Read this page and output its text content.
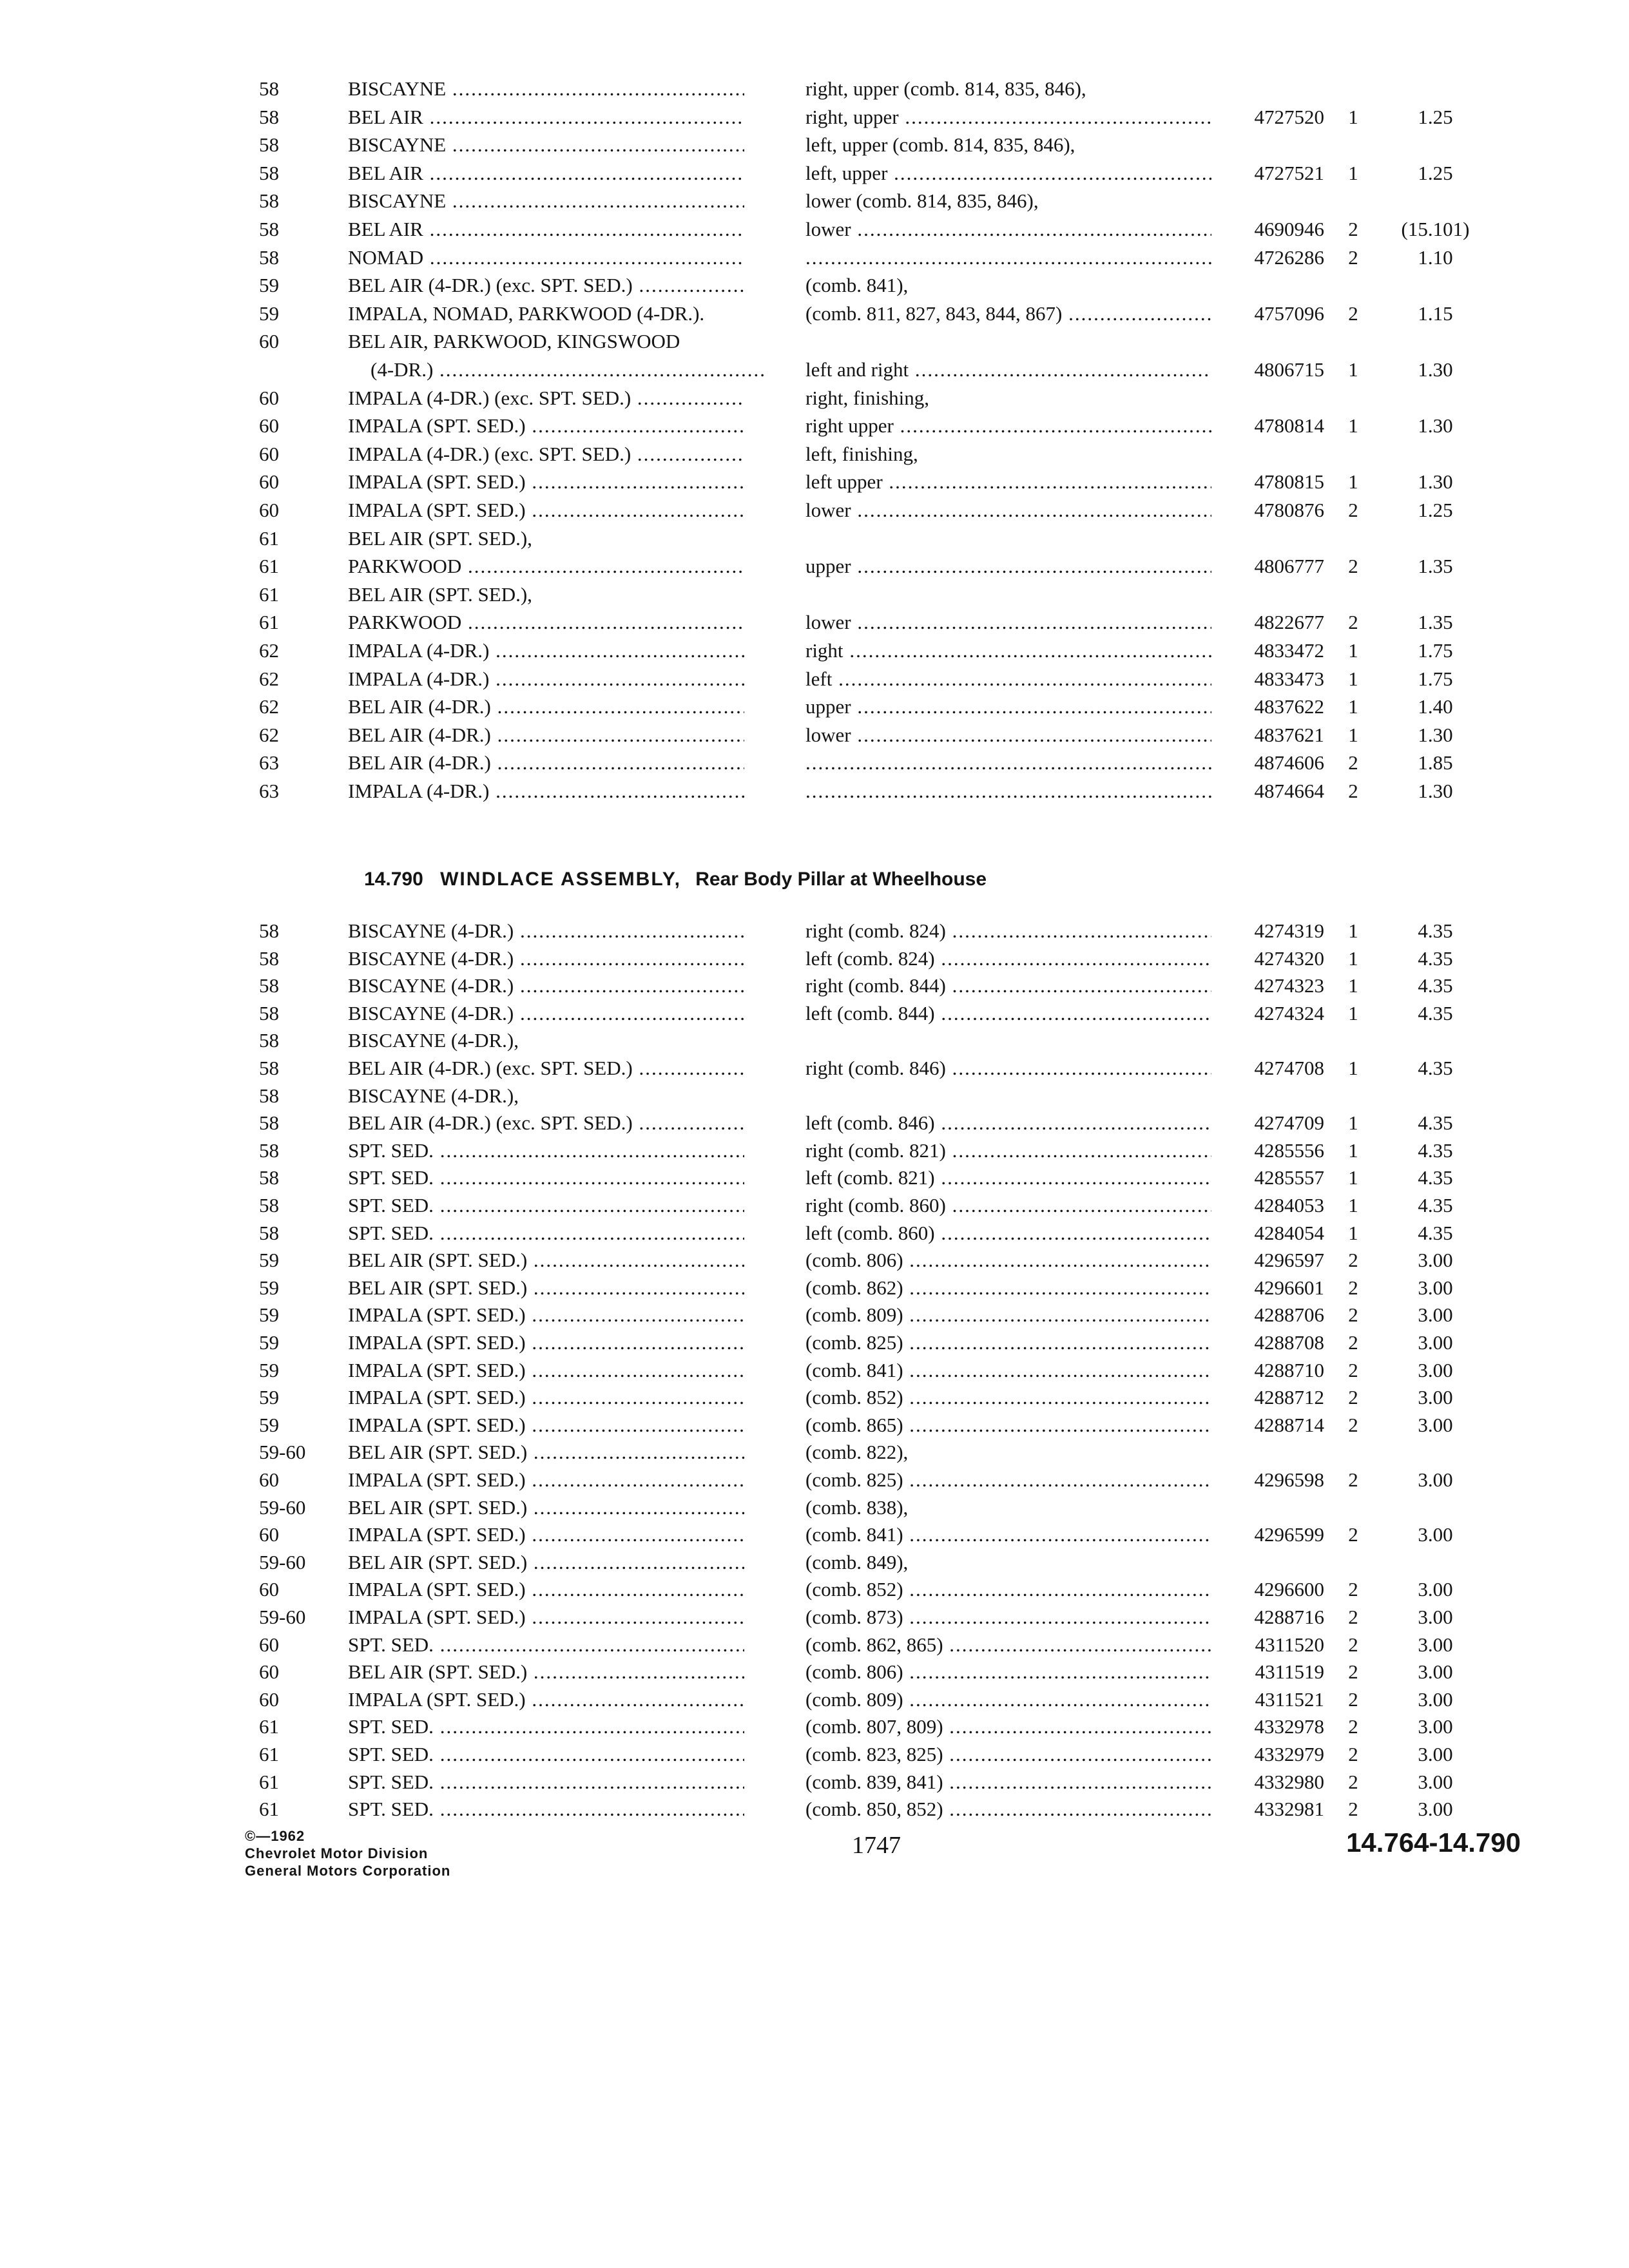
58	BISCAYNE .....	right, upper (comb. 814, 835, 846),
58	BEL AIR .....	right, upper .....	4727520	1	1.25
58	BISCAYNE .....	left, upper (comb. 814, 835, 846),
58	BEL AIR .....	left, upper .....	4727521	1	1.25
58	BISCAYNE .....	lower (comb. 814, 835, 846),
58	BEL AIR .....	lower .....	4690946	2	(15.101)
58	NOMAD ..... .....	4726286	2	1.10
59	BEL AIR (4-DR.) (exc. SPT. SED.) .....	(comb. 841),
59	IMPALA, NOMAD, PARKWOOD (4-DR.).	(comb. 811, 827, 843, 844, 867) .....	4757096	2	1.15
60	BEL AIR, PARKWOOD, KINGSWOOD
(4-DR.) .....	left and right .....	4806715	1	1.30
60	IMPALA (4-DR.) (exc. SPT. SED.) .....	right, finishing,
60	IMPALA (SPT. SED.) .....	right upper .....	4780814	1	1.30
60	IMPALA (4-DR.) (exc. SPT. SED.) .....	left, finishing,
60	IMPALA (SPT. SED.) .....	left upper .....	4780815	1	1.30
60	IMPALA (SPT. SED.) .....	lower .....	4780876	2	1.25
61	BEL AIR (SPT. SED.),
61	PARKWOOD .....	upper .....	4806777	2	1.35
61	BEL AIR (SPT. SED.),
61	PARKWOOD .....	lower .....	4822677	2	1.35
62	IMPALA (4-DR.) .....	right .....	4833472	1	1.75
62	IMPALA (4-DR.) .....	left .....	4833473	1	1.75
62	BEL AIR (4-DR.) .....	upper .....	4837622	1	1.40
62	BEL AIR (4-DR.) .....	lower .....	4837621	1	1.30
63	BEL AIR (4-DR.) ..... .....	4874606	2	1.85
63	IMPALA (4-DR.) ..... .....	4874664	2	1.30
14.790 WINDLACE ASSEMBLY, Rear Body Pillar at Wheelhouse
58	BISCAYNE (4-DR.) .....	right (comb. 824) .....	4274319	1	4.35
58	BISCAYNE (4-DR.) .....	left (comb. 824) .....	4274320	1	4.35
58	BISCAYNE (4-DR.) .....	right (comb. 844) .....	4274323	1	4.35
58	BISCAYNE (4-DR.) .....	left (comb. 844) .....	4274324	1	4.35
58	BISCAYNE (4-DR.),
58	BEL AIR (4-DR.) (exc. SPT. SED.) .....	right (comb. 846) .....	4274708	1	4.35
58	BISCAYNE (4-DR.),
58	BEL AIR (4-DR.) (exc. SPT. SED.) .....	left (comb. 846) .....	4274709	1	4.35
58	SPT. SED. .....	right (comb. 821) .....	4285556	1	4.35
58	SPT. SED. .....	left (comb. 821) .....	4285557	1	4.35
58	SPT. SED. .....	right (comb. 860) .....	4284053	1	4.35
58	SPT. SED. .....	left (comb. 860) .....	4284054	1	4.35
59	BEL AIR (SPT. SED.) .....	(comb. 806) .....	4296597	2	3.00
59	BEL AIR (SPT. SED.) .....	(comb. 862) .....	4296601	2	3.00
59	IMPALA (SPT. SED.) .....	(comb. 809) .....	4288706	2	3.00
59	IMPALA (SPT. SED.) .....	(comb. 825) .....	4288708	2	3.00
59	IMPALA (SPT. SED.) .....	(comb. 841) .....	4288710	2	3.00
59	IMPALA (SPT. SED.) .....	(comb. 852) .....	4288712	2	3.00
59	IMPALA (SPT. SED.) .....	(comb. 865) .....	4288714	2	3.00
59-60	BEL AIR (SPT. SED.) .....	(comb. 822),
60	IMPALA (SPT. SED.) .....	(comb. 825) .....	4296598	2	3.00
59-60	BEL AIR (SPT. SED.) .....	(comb. 838),
60	IMPALA (SPT. SED.) .....	(comb. 841) .....	4296599	2	3.00
59-60	BEL AIR (SPT. SED.) .....	(comb. 849),
60	IMPALA (SPT. SED.) .....	(comb. 852) .....	4296600	2	3.00
59-60	IMPALA (SPT. SED.) .....	(comb. 873) .....	4288716	2	3.00
60	SPT. SED. .....	(comb. 862, 865) .....	4311520	2	3.00
60	BEL AIR (SPT. SED.) .....	(comb. 806) .....	4311519	2	3.00
60	IMPALA (SPT. SED.) .....	(comb. 809) .....	4311521	2	3.00
61	SPT. SED. .....	(comb. 807, 809) .....	4332978	2	3.00
61	SPT. SED. .....	(comb. 823, 825) .....	4332979	2	3.00
61	SPT. SED. .....	(comb. 839, 841) .....	4332980	2	3.00
61	SPT. SED. .....	(comb. 850, 852) .....	4332981	2	3.00
©—1962
Chevrolet Motor Division
General Motors Corporation
1747	14.764-14.790
